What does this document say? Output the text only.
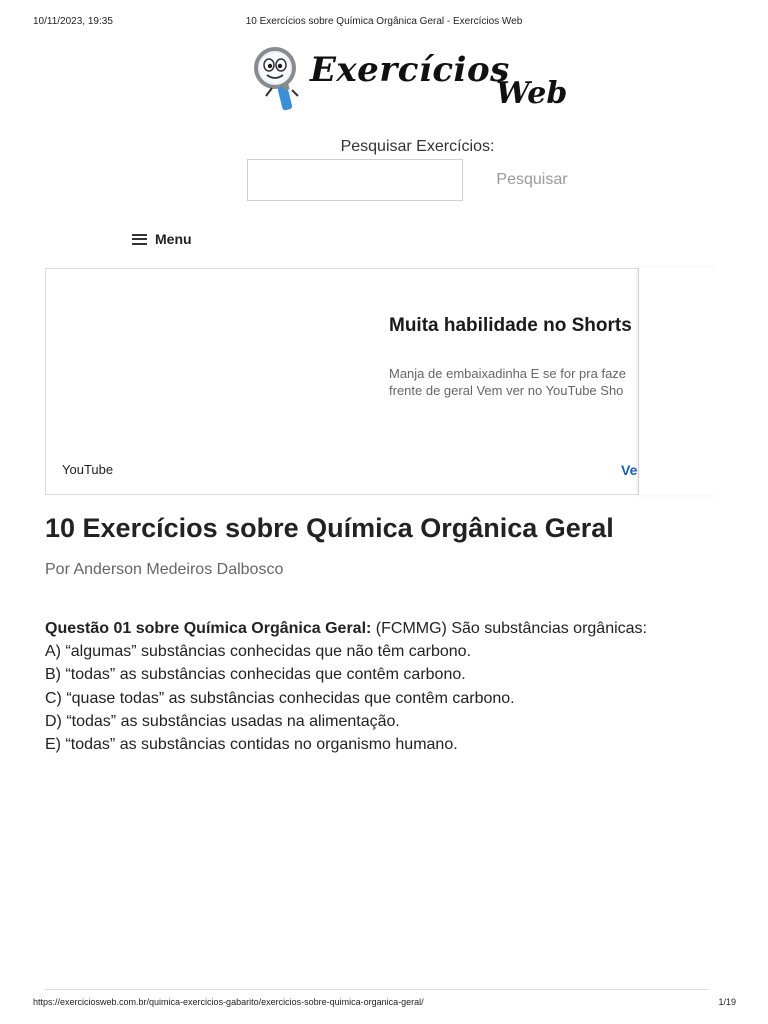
10/11/2023, 19:35	10 Exercícios sobre Química Orgânica Geral - Exercícios Web
Exercícios
Web
Pesquisar Exercícios:
Pesquisar
Menu
Muita habilidade no Shorts
Manja de embaixadinha E se for pra faze
frente de geral Vem ver no YouTube Sho
YouTube	Ve
10 Exercícios sobre Química Orgânica Geral
Por Anderson Medeiros Dalbosco
Questão 01 sobre Química Orgânica Geral: (FCMMG) São substâncias orgânicas:
A) “algumas” substâncias conhecidas que não têm carbono.
B) “todas” as substâncias conhecidas que contêm carbono.
C) “quase todas” as substâncias conhecidas que contêm carbono.
D) “todas” as substâncias usadas na alimentação.
E) “todas” as substâncias contidas no organismo humano.
https://exerciciosweb.com.br/quimica-exercicios-gabarito/exercicios-sobre-quimica-organica-geral/	1/19
